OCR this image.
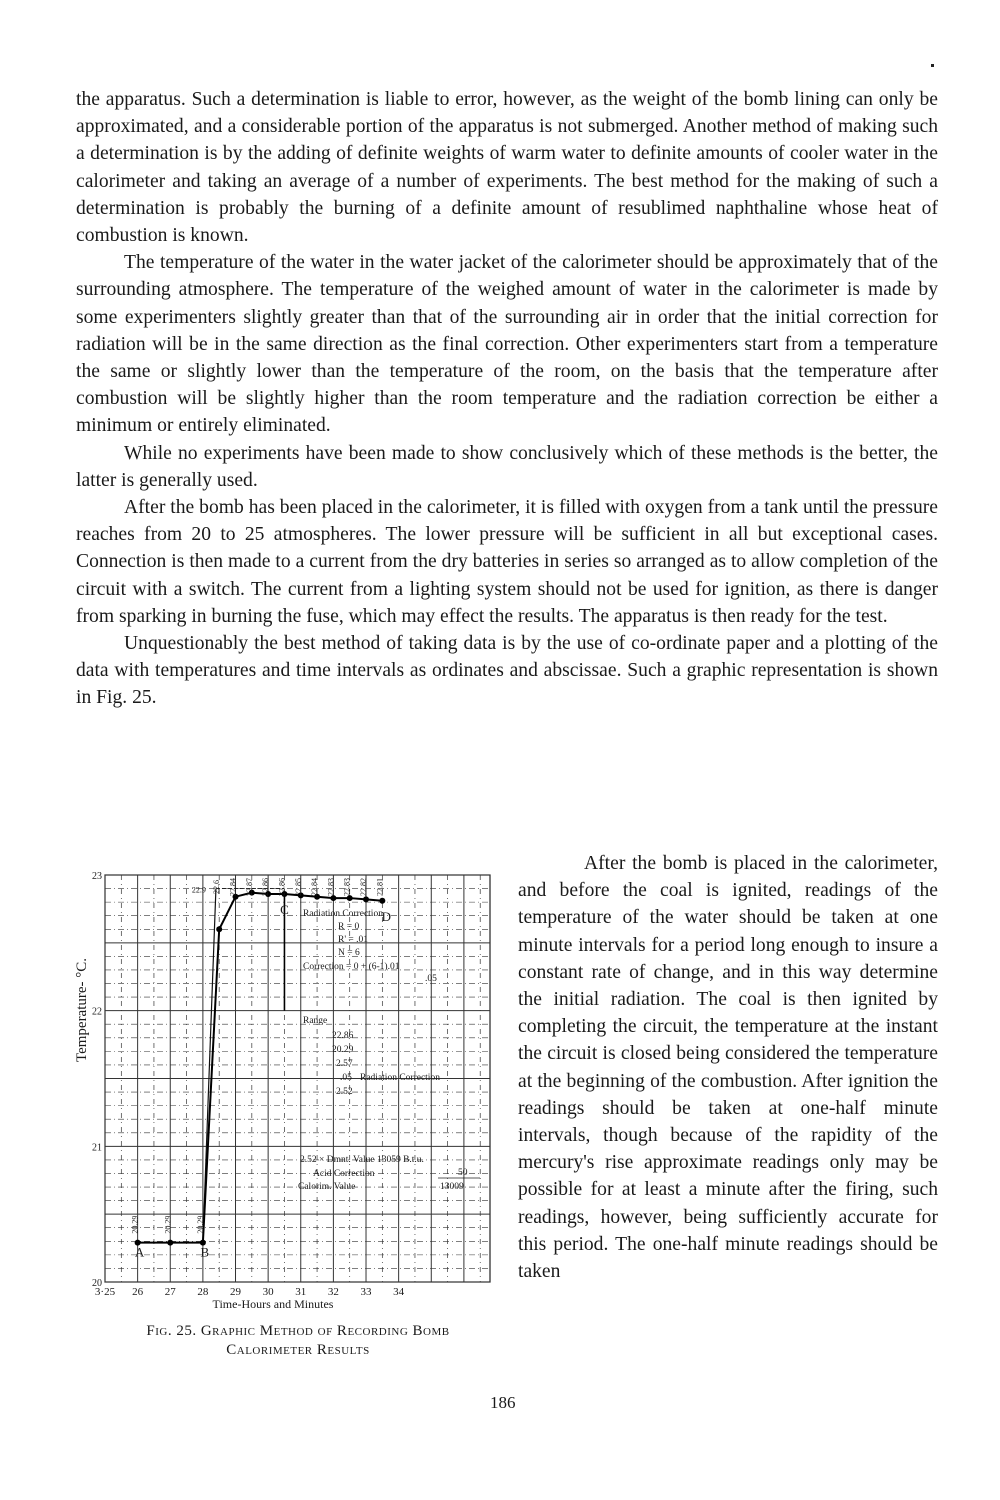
the apparatus. Such a determination is liable to error, however, as the weight of the bomb lining can only be approximated, and a considerable portion of the apparatus is not submerged. Another method of making such a determination is by the adding of definite weights of warm water to definite amounts of cooler water in the calorimeter and taking an average of a number of experiments. The best method for the making of such a determination is probably the burning of a definite amount of resublimed naphthaline whose heat of combustion is known.

The temperature of the water in the water jacket of the calorimeter should be approximately that of the surrounding atmosphere. The temperature of the weighed amount of water in the calorimeter is made by some experimenters slightly greater than that of the surrounding air in order that the initial correction for radiation will be in the same direction as the final correction. Other experimenters start from a temperature the same or slightly lower than the temperature of the room, on the basis that the temperature after combustion will be slightly higher than the room temperature and the radiation correction be either a minimum or entirely eliminated.

While no experiments have been made to show conclusively which of these methods is the better, the latter is generally used.

After the bomb has been placed in the calorimeter, it is filled with oxygen from a tank until the pressure reaches from 20 to 25 atmospheres. The lower pressure will be sufficient in all but exceptional cases. Connection is then made to a current from the dry batteries in series so arranged as to allow completion of the circuit with a switch. The current from a lighting system should not be used for ignition, as there is danger from sparking in burning the fuse, which may effect the results. The apparatus is then ready for the test.

Unquestionably the best method of taking data is by the use of co-ordinate paper and a plotting of the data with temperatures and time intervals as ordinates and abscissae. Such a graphic representation is shown in Fig. 25.

Temperature- °C.
Time-Hours and Minutes
3·25 26 27 28 29 30 31 32 33 34
20
21
22
23
Radiation Correction
R = 0
R' = .01
N = 6
Correction = 0 + (6-1).01
.05
Range
22.86
20.29
2.57
.05
2.52
Radiation Correction
2.52 × Dmnt. Value 13059 B.t.u.
Acid Correction
Calorim. Value
50
13009
22.9
20.29
A
20.29	20.29
B
22.6 22.84 22.87 22.86 22.86
C
22.85 22.84 22.83 22.83 22.82 22.81
D
Fig. 25. Graphic Method of Recording Bomb
Calorimeter Results

After the bomb is placed in the calorimeter, and before the coal is ignited, readings of the temperature of the water should be taken at one minute intervals for a period long enough to insure a constant rate of change, and in this way determine the initial radiation. The coal is then ignited by completing the circuit, the temperature at the instant the circuit is closed being considered the temperature at the beginning of the combustion. After ignition the readings should be taken at one-half minute intervals, though because of the rapidity of the mercury's rise approximate readings only may be possible for at least a minute after the firing, such readings, however, being sufficiently accurate for this period. The one-half minute readings should be taken

186
